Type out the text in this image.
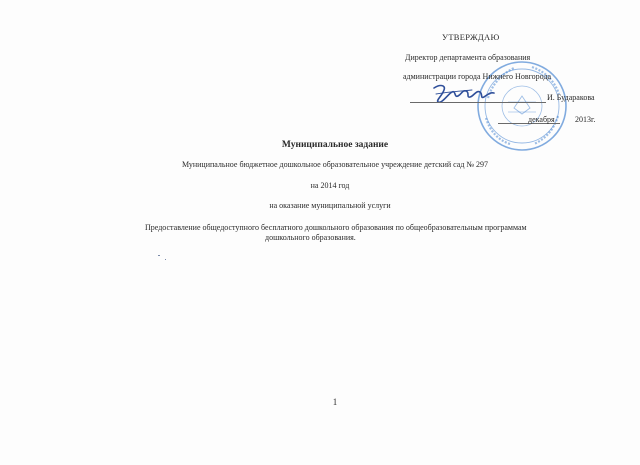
УТВЕРЖДАЮ
Директор департамента образования
администрации города Нижнего Новгорода
И. Бударакова
декабря	2013г.
Муниципальное задание
Муниципальное бюджетное дошкольное образовательное учреждение детский сад № 297
на 2014 год
на оказание муниципальной услуги
Предоставление общедоступного бесплатного дошкольного образования по общеобразовательным программам
дошкольного образования.
1
